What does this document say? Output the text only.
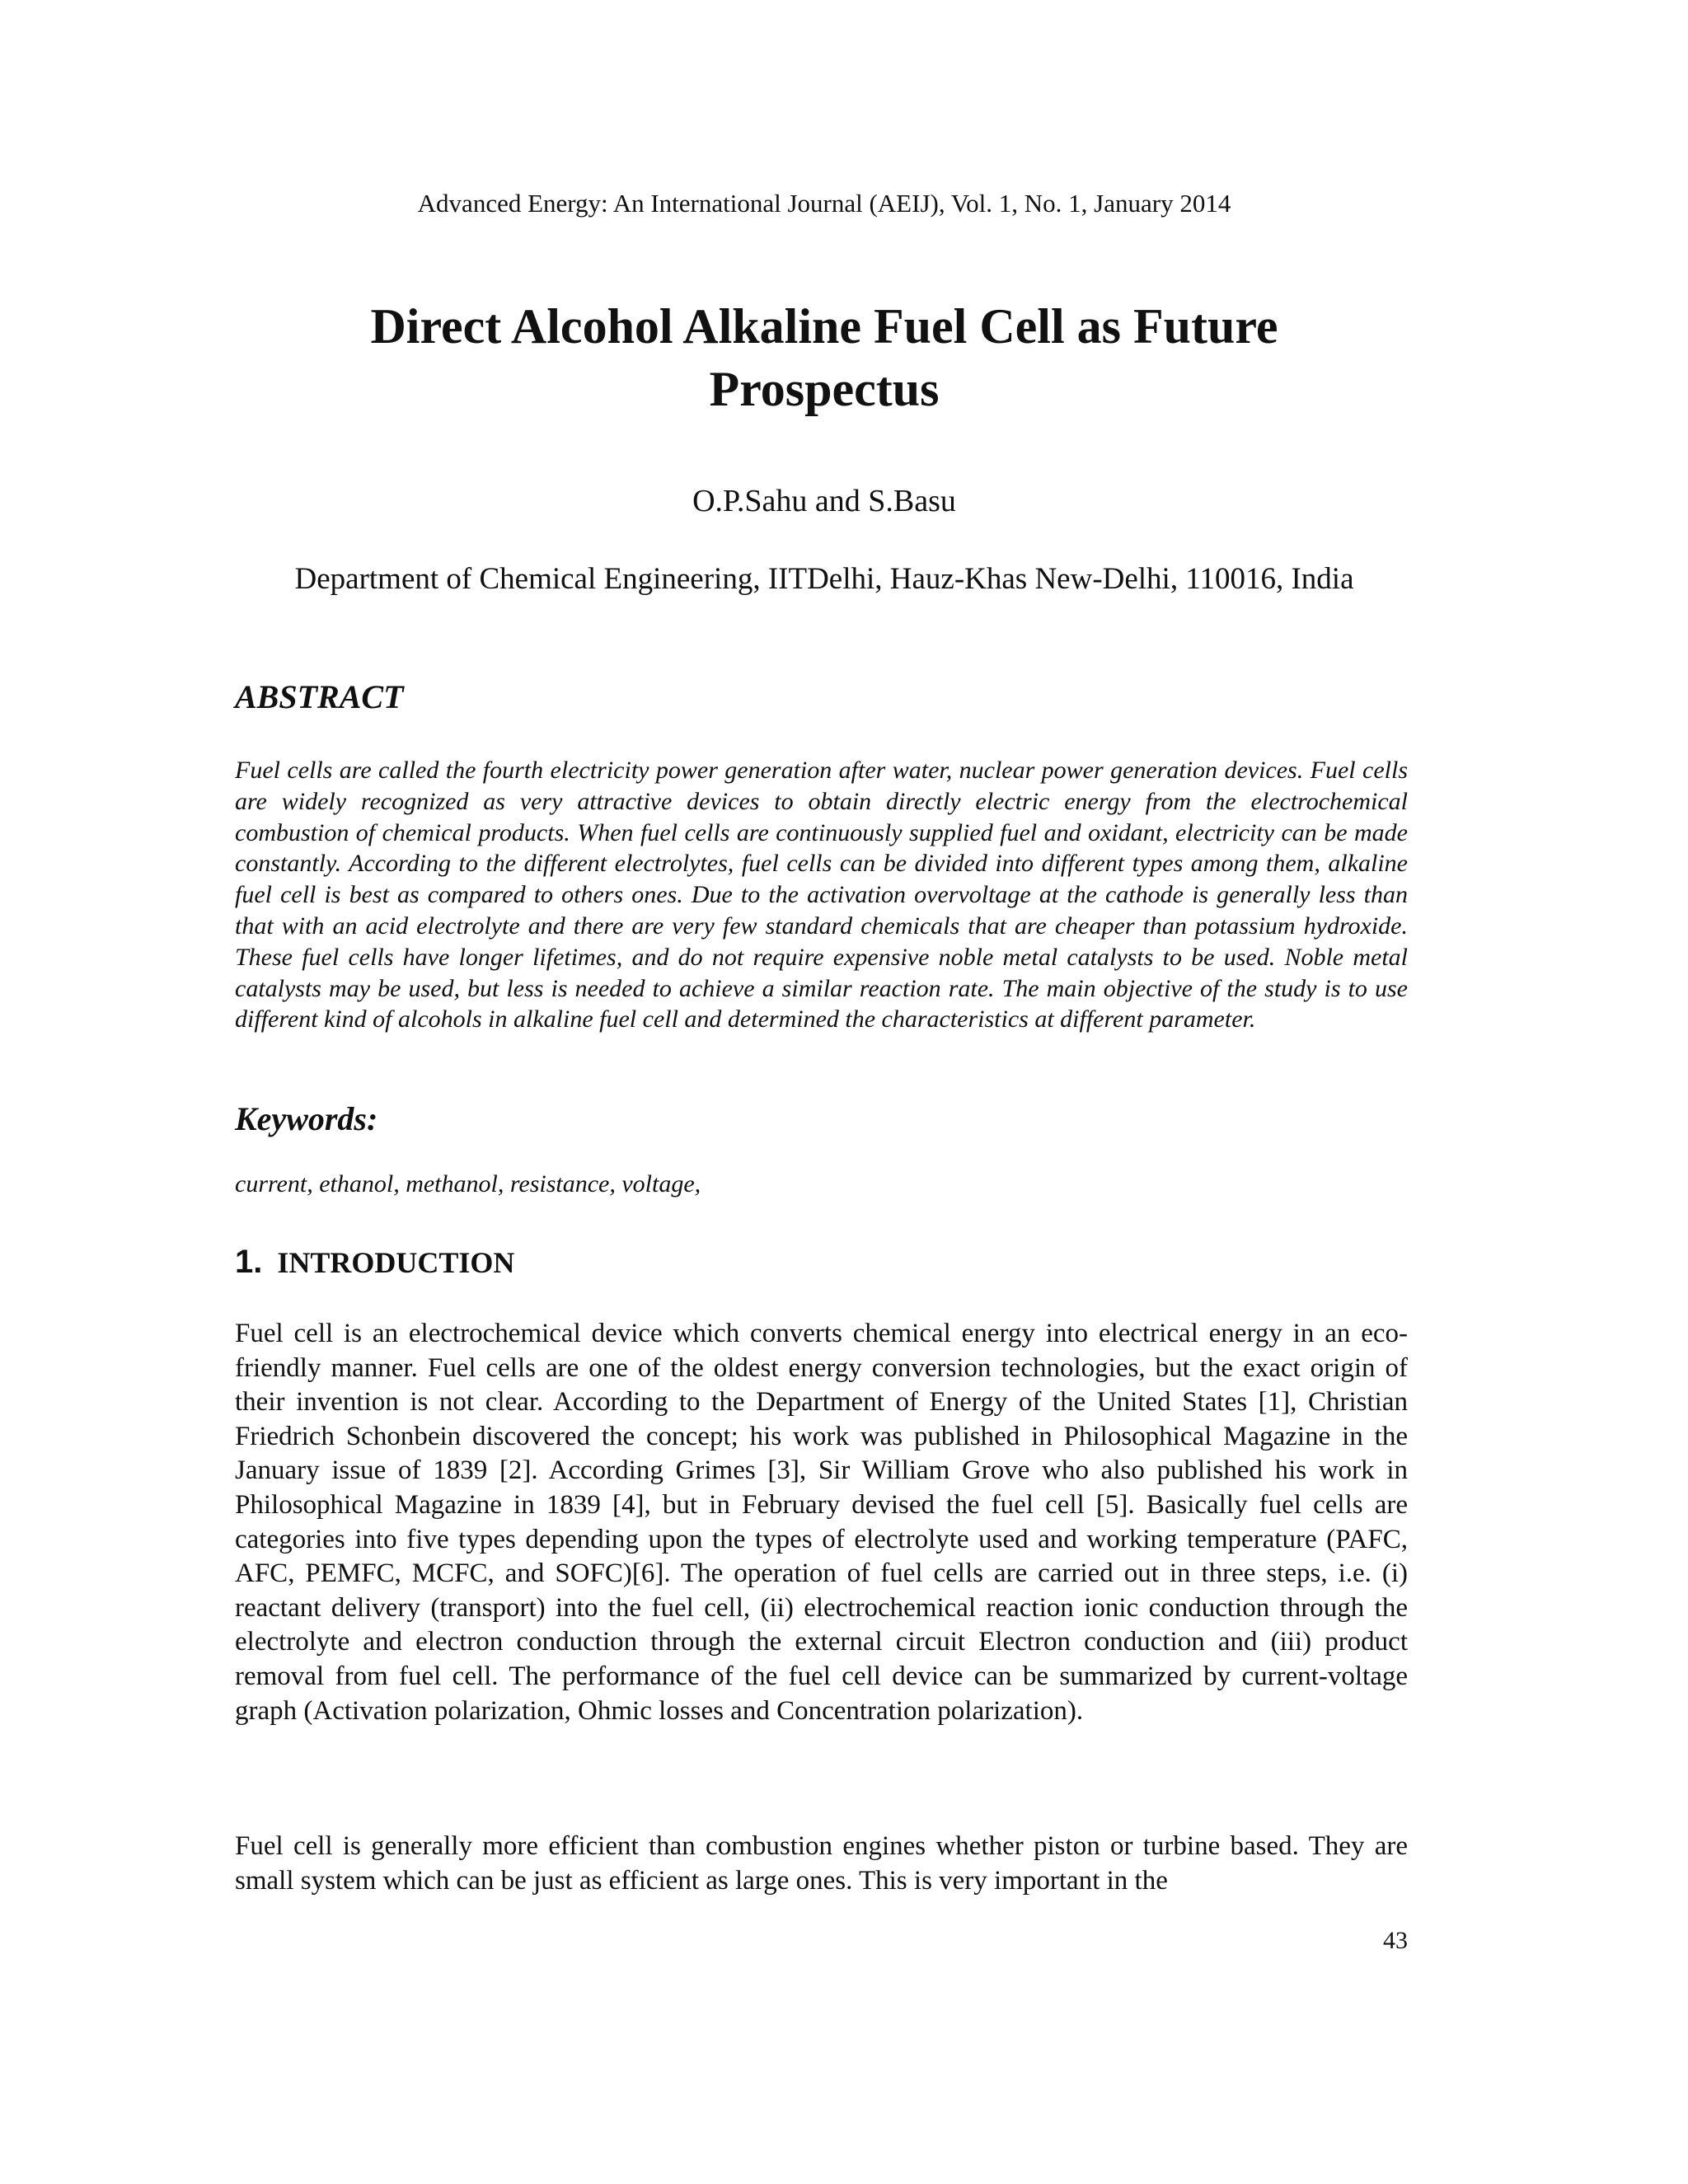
Advanced Energy: An International Journal (AEIJ), Vol. 1, No. 1, January 2014
Direct Alcohol Alkaline Fuel Cell as Future
Prospectus
O.P.Sahu and S.Basu
Department of Chemical Engineering, IITDelhi, Hauz-Khas New-Delhi, 110016, India
ABSTRACT
Fuel cells are called the fourth electricity power generation after water, nuclear power generation devices. Fuel cells are widely recognized as very attractive devices to obtain directly electric energy from the electrochemical combustion of chemical products. When fuel cells are continuously supplied fuel and oxidant, electricity can be made constantly. According to the different electrolytes, fuel cells can be divided into different types among them, alkaline fuel cell is best as compared to others ones. Due to the activation overvoltage at the cathode is generally less than that with an acid electrolyte and there are very few standard chemicals that are cheaper than potassium hydroxide. These fuel cells have longer lifetimes, and do not require expensive noble metal catalysts to be used. Noble metal catalysts may be used, but less is needed to achieve a similar reaction rate. The main objective of the study is to use different kind of alcohols in alkaline fuel cell and determined the characteristics at different parameter.
Keywords:
current, ethanol, methanol, resistance, voltage,
1. INTRODUCTION
Fuel cell is an electrochemical device which converts chemical energy into electrical energy in an eco-friendly manner. Fuel cells are one of the oldest energy conversion technologies, but the exact origin of their invention is not clear. According to the Department of Energy of the United States [1], Christian Friedrich Schonbein discovered the concept; his work was published in Philosophical Magazine in the January issue of 1839 [2]. According Grimes [3], Sir William Grove who also published his work in Philosophical Magazine in 1839 [4], but in February devised the fuel cell [5]. Basically fuel cells are categories into five types depending upon the types of electrolyte used and working temperature (PAFC, AFC, PEMFC, MCFC, and SOFC)[6]. The operation of fuel cells are carried out in three steps, i.e. (i) reactant delivery (transport) into the fuel cell, (ii) electrochemical reaction ionic conduction through the electrolyte and electron conduction through the external circuit Electron conduction and (iii) product removal from fuel cell. The performance of the fuel cell device can be summarized by current-voltage graph (Activation polarization, Ohmic losses and Concentration polarization).
Fuel cell is generally more efficient than combustion engines whether piston or turbine based. They are small system which can be just as efficient as large ones. This is very important in the
43
